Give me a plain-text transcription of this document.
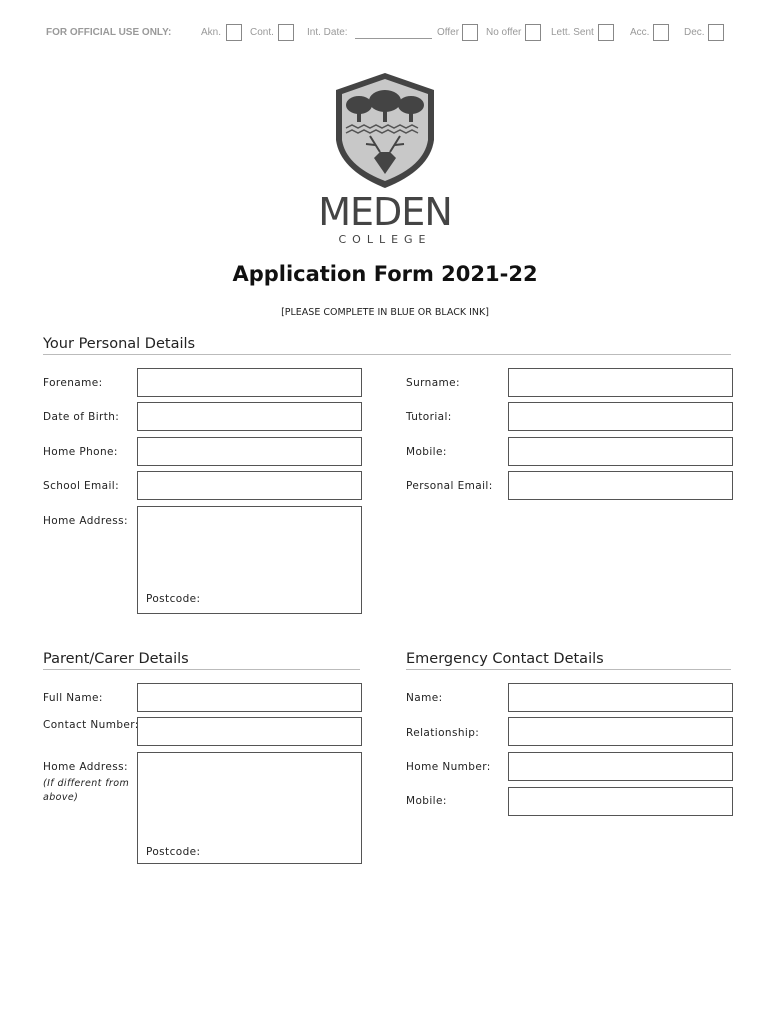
FOR OFFICIAL USE ONLY:	Akn.	Cont.	Int. Date:	Offer	No offer	Lett. Sent	Acc.	Dec.
MEDEN
COLLEGE
Application Form 2021-22
[PLEASE COMPLETE IN BLUE OR BLACK INK]
Your Personal Details
Forename:	Surname:
Date of Birth:	Tutorial:
Home Phone:	Mobile:
School Email:	Personal Email:
Home Address:
Postcode:
Parent/Carer Details	Emergency Contact Details
Full Name:
Contact Number:
Home Address:
(If different from above)
Postcode:
Name:
Relationship:
Home Number:
Mobile:
